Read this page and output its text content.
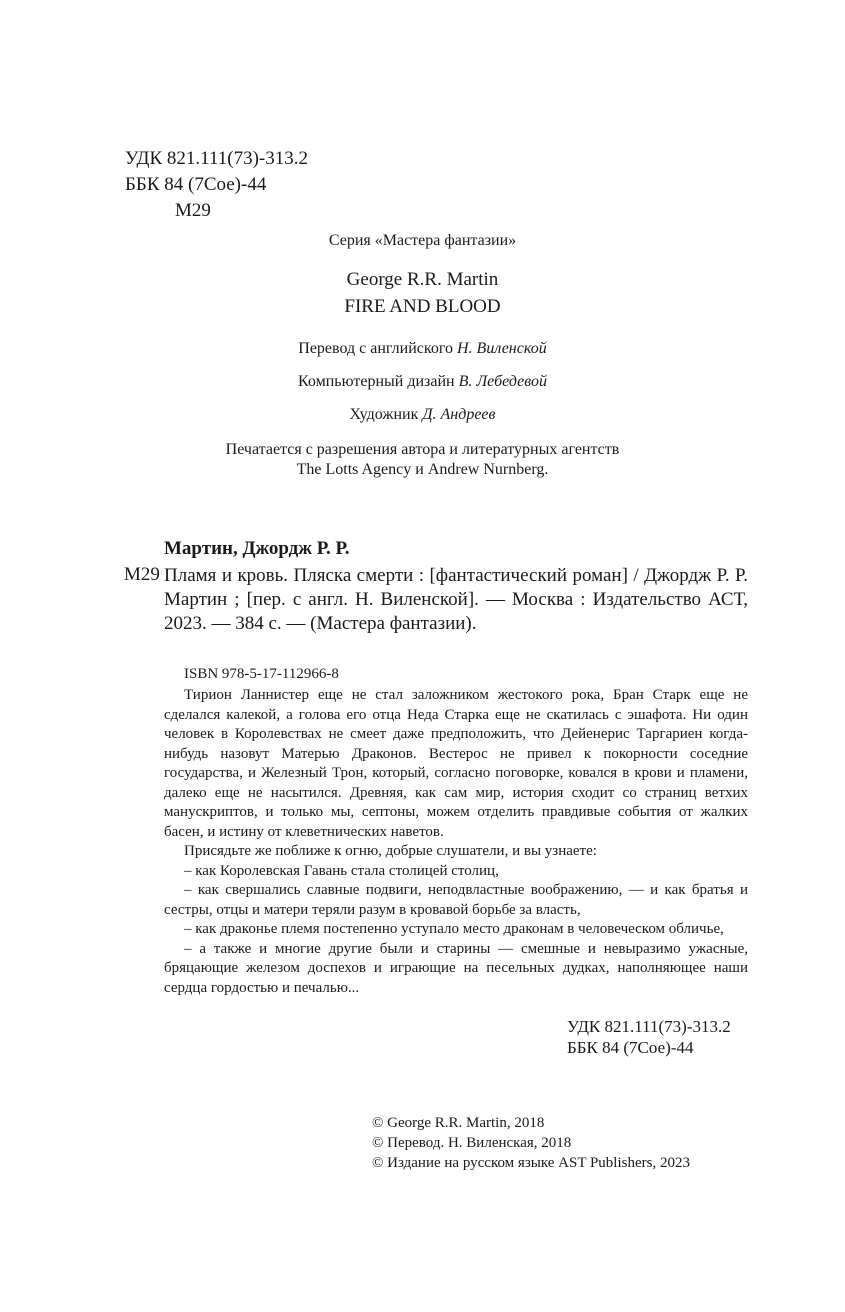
УДК 821.111(73)-313.2
ББК 84 (7Сое)-44
М29
Серия «Мастера фантазии»
George R.R. Martin
FIRE AND BLOOD
Перевод с английского Н. Виленской
Компьютерный дизайн В. Лебедевой
Художник Д. Андреев
Печатается с разрешения автора и литературных агентств
The Lotts Agency и Andrew Nurnberg.
Мартин, Джордж Р. Р.
М29 Пламя и кровь. Пляска смерти : [фантастический роман] / Джордж Р. Р. Мартин ; [пер. с англ. Н. Виленской]. — Москва : Издательство АСТ, 2023. — 384 с. — (Мастера фантазии).
ISBN 978-5-17-112966-8

Тирион Ланнистер еще не стал заложником жестокого рока, Бран Старк еще не сделался калекой, а голова его отца Неда Старка еще не скатилась с эшафота. Ни один человек в Королевствах не смеет даже предположить, что Дейенерис Таргариен когда-нибудь назовут Матерью Драконов. Вестерос не привел к покорности соседние государства, и Железный Трон, который, согласно поговорке, ковался в крови и пламени, далеко еще не насытился. Древняя, как сам мир, история сходит со страниц ветхих манускриптов, и только мы, септоны, можем отделить правдивые события от жалких басен, и истину от клеветнических наветов.

Присядьте же поближе к огню, добрые слушатели, и вы узнаете:

– как Королевская Гавань стала столицей столиц,

– как свершались славные подвиги, неподвластные воображению, — и как братья и сестры, отцы и матери теряли разум в кровавой борьбе за власть,

– как драконье племя постепенно уступало место драконам в человеческом обличье,

– а также и многие другие были и старины — смешные и невыразимо ужасные, бряцающие железом доспехов и играющие на песельных дудках, наполняющее наши сердца гордостью и печалью...

УДК 821.111(73)-313.2
ББК 84 (7Сое)-44
© George R.R. Martin, 2018
© Перевод. Н. Виленская, 2018
© Издание на русском языке AST Publishers, 2023
